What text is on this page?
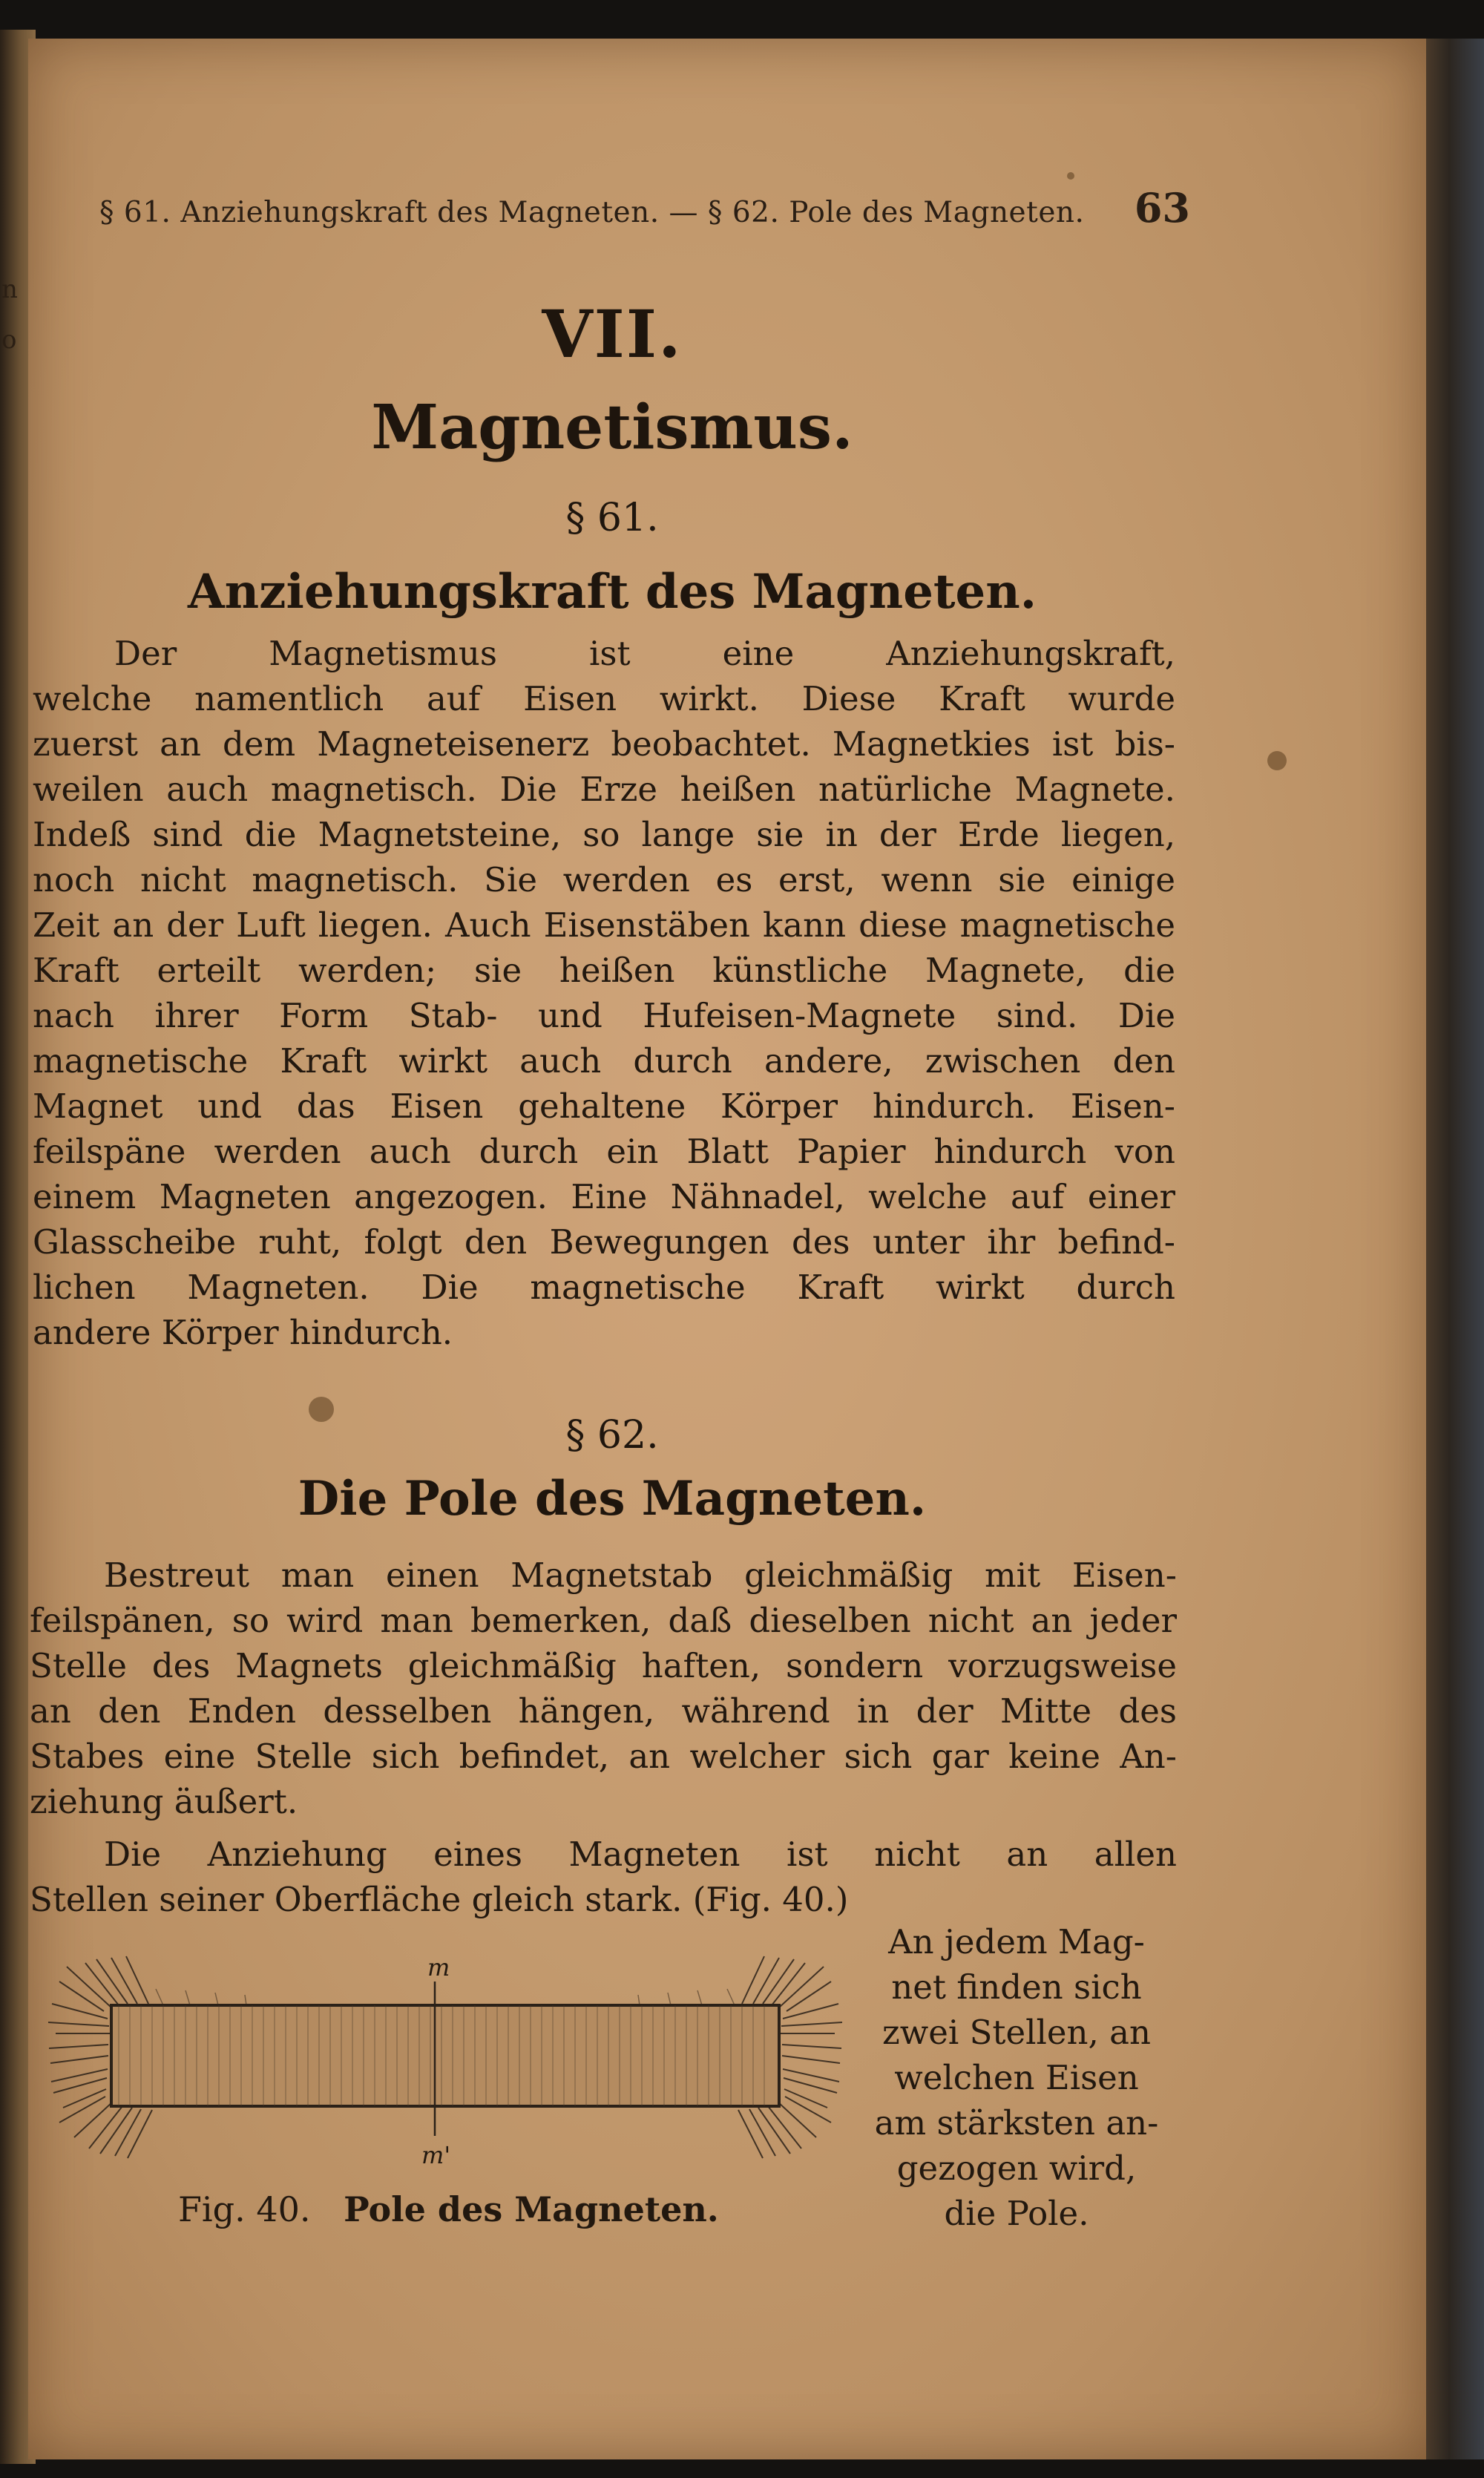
n
o
§ 61. Anziehungskraft des Magneten. — § 62. Pole des Magneten. 63
VII.
Magnetismus.
§ 61.
Anziehungskraft des Magneten.
Der Magnetismus ist eine Anziehungskraft,
welche namentlich auf Eisen wirkt. Diese Kraft wurde
zuerst an dem Magneteisenerz beobachtet. Magnetkies ist bis-
weilen auch magnetisch. Die Erze heißen natürliche Magnete.
Indeß sind die Magnetsteine, so lange sie in der Erde liegen,
noch nicht magnetisch. Sie werden es erst, wenn sie einige
Zeit an der Luft liegen. Auch Eisenstäben kann diese magnetische
Kraft erteilt werden; sie heißen künstliche Magnete, die
nach ihrer Form Stab- und Hufeisen-Magnete sind. Die
magnetische Kraft wirkt auch durch andere, zwischen den
Magnet und das Eisen gehaltene Körper hindurch. Eisen-
feilspäne werden auch durch ein Blatt Papier hindurch von
einem Magneten angezogen. Eine Nähnadel, welche auf einer
Glasscheibe ruht, folgt den Bewegungen des unter ihr befind-
lichen Magneten. Die magnetische Kraft wirkt durch
andere Körper hindurch.
§ 62.
Die Pole des Magneten.
Bestreut man einen Magnetstab gleichmäßig mit Eisen-
feilspänen, so wird man bemerken, daß dieselben nicht an jeder
Stelle des Magnets gleichmäßig haften, sondern vorzugsweise
an den Enden desselben hängen, während in der Mitte des
Stabes eine Stelle sich befindet, an welcher sich gar keine An-
ziehung äußert.
Die Anziehung eines Magneten ist nicht an allen
Stellen seiner Oberfläche gleich stark. (Fig. 40.)
An jedem Mag-
net finden sich
zwei Stellen, an
welchen Eisen
am stärksten an-
gezogen wird,
die Pole.
m
m'
Fig. 40. Pole des Magneten.
